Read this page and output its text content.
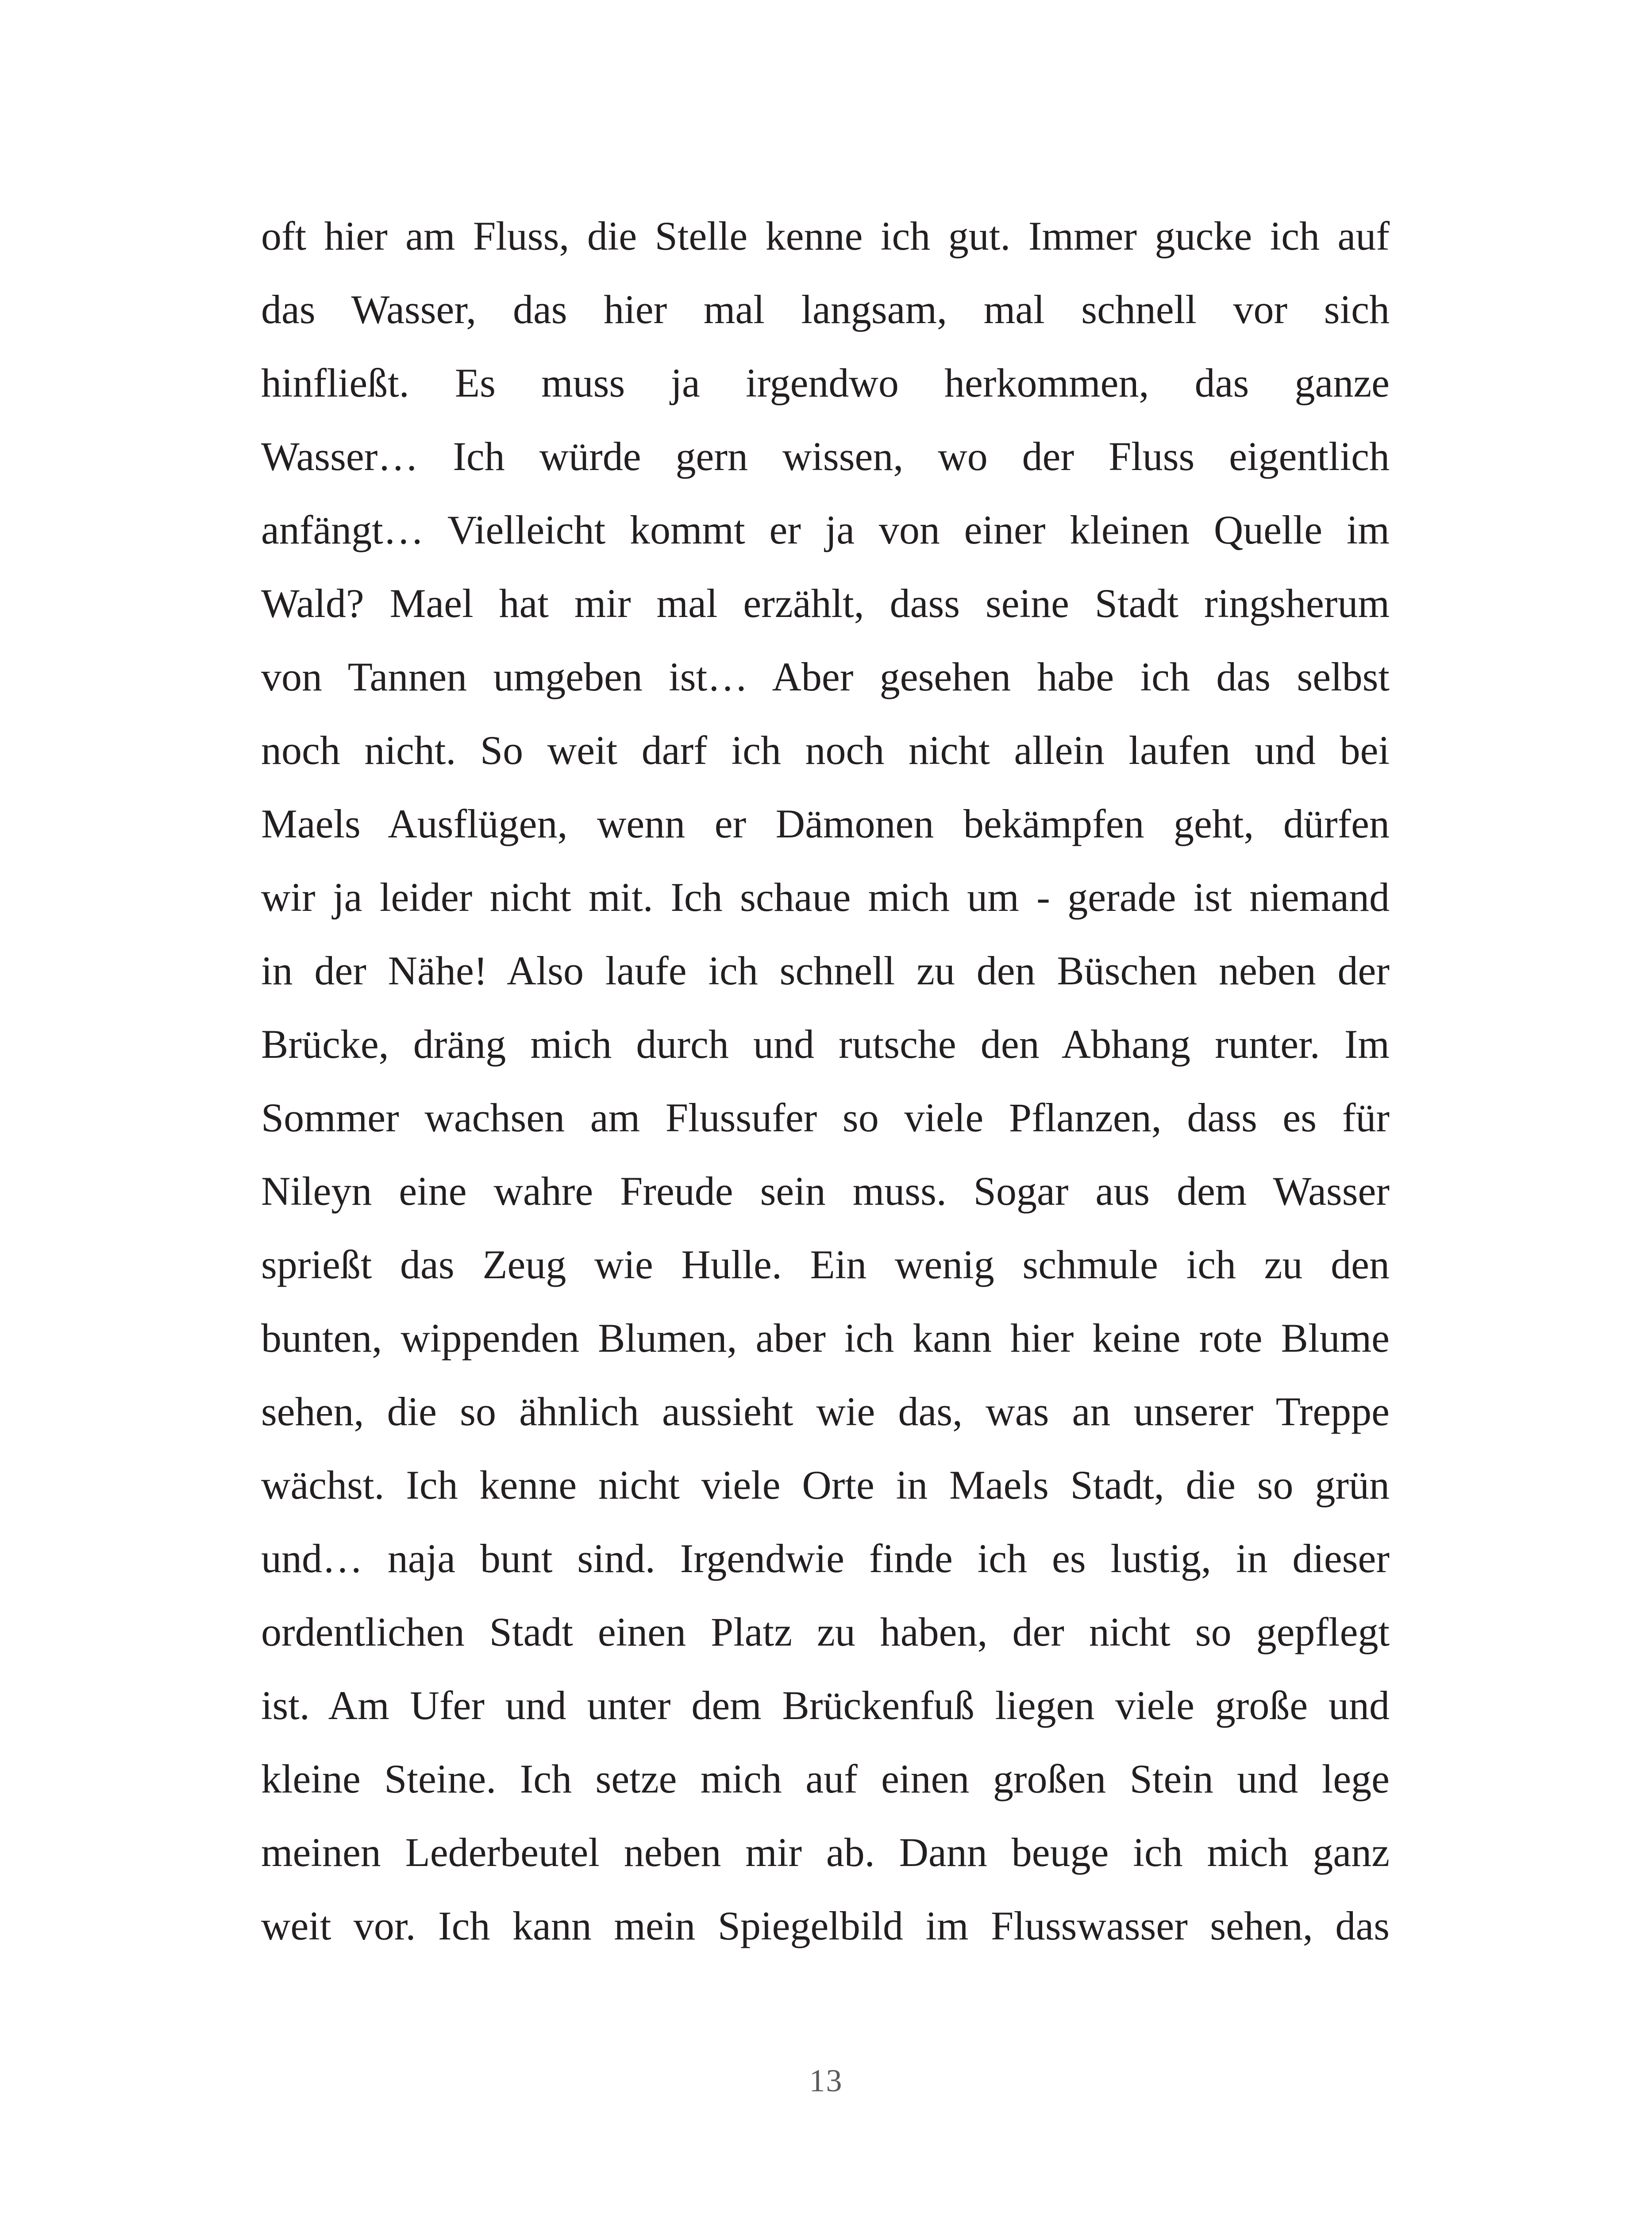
oft hier am Fluss, die Stelle kenne ich gut. Immer gucke ich auf
das Wasser, das hier mal langsam, mal schnell vor sich
hinfließt. Es muss ja irgendwo herkommen, das ganze
Wasser… Ich würde gern wissen, wo der Fluss eigentlich
anfängt… Vielleicht kommt er ja von einer kleinen Quelle im
Wald? Mael hat mir mal erzählt, dass seine Stadt ringsherum
von Tannen umgeben ist… Aber gesehen habe ich das selbst
noch nicht. So weit darf ich noch nicht allein laufen und bei
Maels Ausflügen, wenn er Dämonen bekämpfen geht, dürfen
wir ja leider nicht mit. Ich schaue mich um - gerade ist niemand
in der Nähe! Also laufe ich schnell zu den Büschen neben der
Brücke, dräng mich durch und rutsche den Abhang runter. Im
Sommer wachsen am Flussufer so viele Pflanzen, dass es für
Nileyn eine wahre Freude sein muss. Sogar aus dem Wasser
sprießt das Zeug wie Hulle. Ein wenig schmule ich zu den
bunten, wippenden Blumen, aber ich kann hier keine rote Blume
sehen, die so ähnlich aussieht wie das, was an unserer Treppe
wächst. Ich kenne nicht viele Orte in Maels Stadt, die so grün
und… naja bunt sind. Irgendwie finde ich es lustig, in dieser
ordentlichen Stadt einen Platz zu haben, der nicht so gepflegt
ist. Am Ufer und unter dem Brückenfuß liegen viele große und
kleine Steine. Ich setze mich auf einen großen Stein und lege
meinen Lederbeutel neben mir ab. Dann beuge ich mich ganz
weit vor. Ich kann mein Spiegelbild im Flusswasser sehen, das
13
